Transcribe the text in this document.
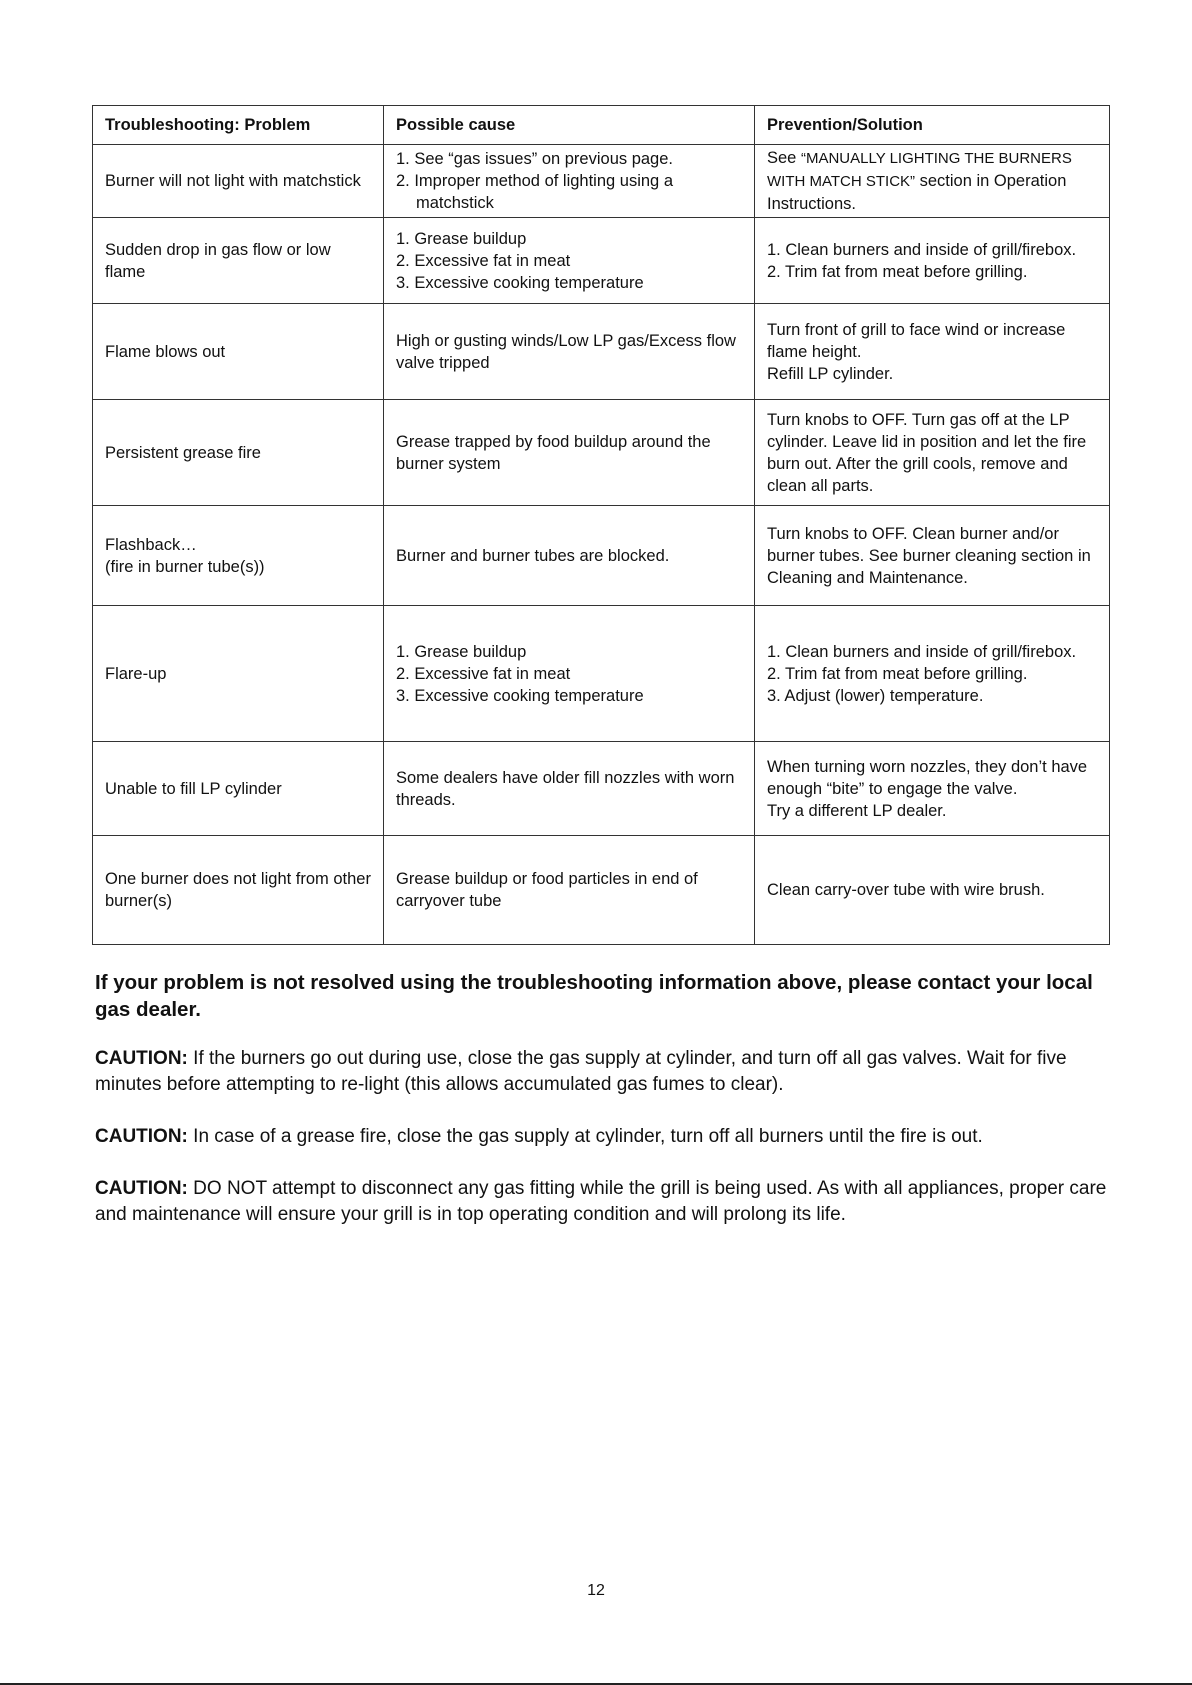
Troubleshooting: Problem	Possible cause	Prevention/Solution

Burner will not light with matchstick	1. See “gas issues” on previous page.
2. Improper method of lighting using a
matchstick	See “MANUALLY LIGHTING THE BURNERS WITH MATCH STICK” section in Operation Instructions.

Sudden drop in gas flow or low flame	1. Grease buildup
2. Excessive fat in meat
3. Excessive cooking temperature	1. Clean burners and inside of grill/firebox.
2. Trim fat from meat before grilling.

Flame blows out	High or gusting winds/Low LP gas/Excess flow valve tripped	Turn front of grill to face wind or increase flame height.
Refill LP cylinder.

Persistent grease fire	Grease trapped by food buildup around the burner system	Turn knobs to OFF. Turn gas off at the LP cylinder. Leave lid in position and let the fire burn out. After the grill cools, remove and clean all parts.

Flashback…
(fire in burner tube(s))	Burner and burner tubes are blocked.	Turn knobs to OFF. Clean burner and/or burner tubes. See burner cleaning section in Cleaning and Maintenance.

Flare-up	1. Grease buildup
2. Excessive fat in meat
3. Excessive cooking temperature	1. Clean burners and inside of grill/firebox.
2. Trim fat from meat before grilling.
3. Adjust (lower) temperature.

Unable to fill LP cylinder	Some dealers have older fill nozzles with worn threads.	When turning worn nozzles, they don’t have enough “bite” to engage the valve.
Try a different LP dealer.

One burner does not light from other burner(s)	Grease buildup or food particles in end of carryover tube	Clean carry-over tube with wire brush.
If your problem is not resolved using the troubleshooting information above, please contact your local gas dealer.
CAUTION: If the burners go out during use, close the gas supply at cylinder, and turn off all gas valves. Wait for five minutes before attempting to re-light (this allows accumulated gas fumes to clear).
CAUTION: In case of a grease fire, close the gas supply at cylinder, turn off all burners until the fire is out.
CAUTION: DO NOT attempt to disconnect any gas fitting while the grill is being used. As with all appliances, proper care and maintenance will ensure your grill is in top operating condition and will prolong its life.
12
